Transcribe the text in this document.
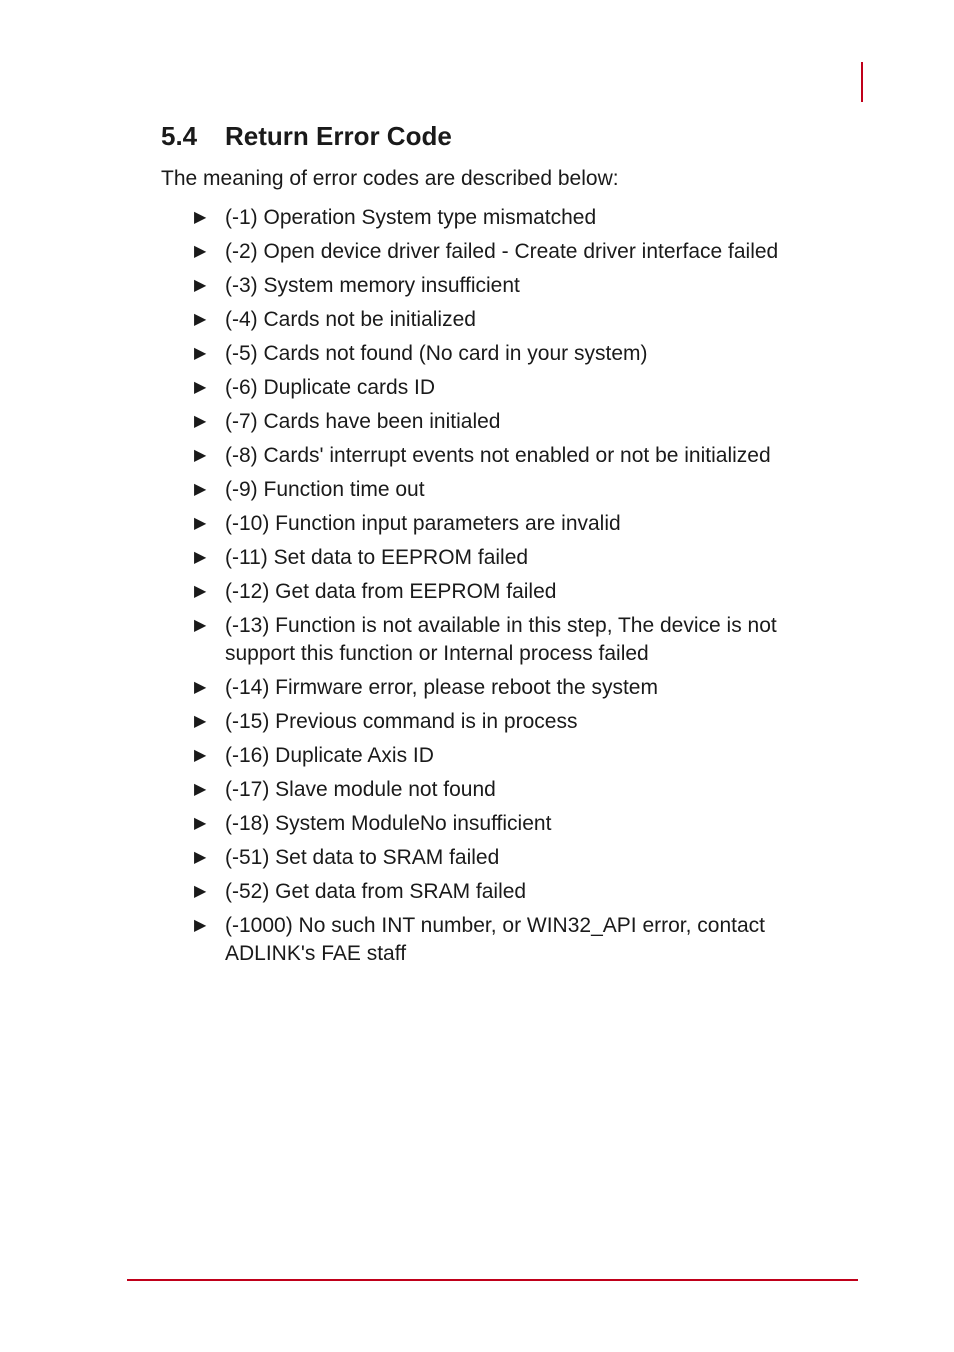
5.4 Return Error Code
The meaning of error codes are described below:
▶ (-1) Operation System type mismatched
▶ (-2) Open device driver failed - Create driver interface failed
▶ (-3) System memory insufficient
▶ (-4) Cards not be initialized
▶ (-5) Cards not found (No card in your system)
▶ (-6) Duplicate cards ID
▶ (-7) Cards have been initialed
▶ (-8) Cards' interrupt events not enabled or not be initialized
▶ (-9) Function time out
▶ (-10) Function input parameters are invalid
▶ (-11) Set data to EEPROM failed
▶ (-12) Get data from EEPROM failed
▶ (-13) Function is not available in this step, The device is not support this function or Internal process failed
▶ (-14) Firmware error, please reboot the system
▶ (-15) Previous command is in process
▶ (-16) Duplicate Axis ID
▶ (-17) Slave module not found
▶ (-18) System ModuleNo insufficient
▶ (-51) Set data to SRAM failed
▶ (-52) Get data from SRAM failed
▶ (-1000) No such INT number, or WIN32_API error, contact ADLINK's FAE staff
